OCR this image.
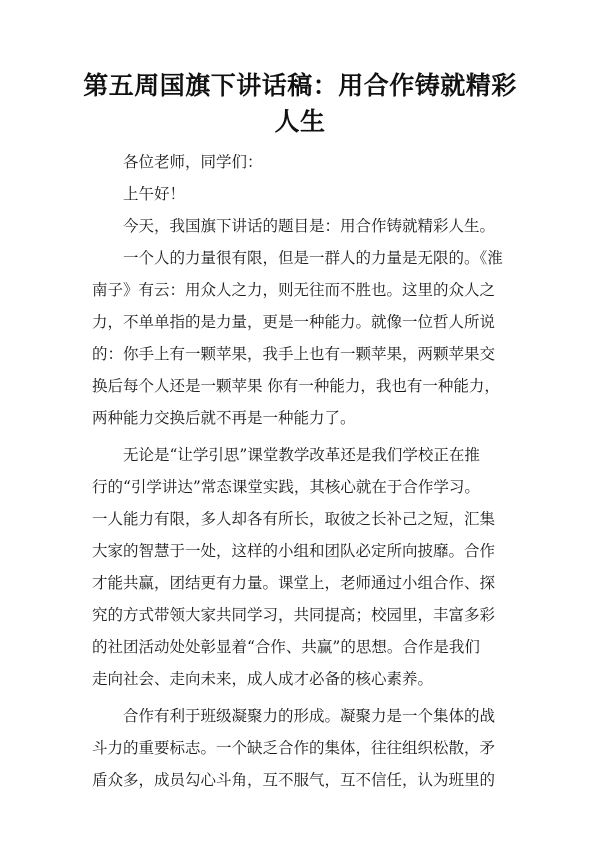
第五周国旗下讲话稿：用合作铸就精彩
人生
各位老师，同学们：
上午好！
今天，我国旗下讲话的题目是：用合作铸就精彩人生。
一个人的力量很有限，但是一群人的力量是无限的。《淮
南子》有云：用众人之力，则无往而不胜也。这里的众人之
力，不单单指的是力量，更是一种能力。就像一位哲人所说
的：你手上有一颗苹果，我手上也有一颗苹果，两颗苹果交
换后每个人还是一颗苹果 你有一种能力，我也有一种能力，
两种能力交换后就不再是一种能力了。
无论是“让学引思”课堂教学改革还是我们学校正在推
行的“引学讲达”常态课堂实践，其核心就在于合作学习。
一人能力有限，多人却各有所长，取彼之长补己之短，汇集
大家的智慧于一处，这样的小组和团队必定所向披靡。合作
才能共赢，团结更有力量。课堂上，老师通过小组合作、探
究的方式带领大家共同学习，共同提高；校园里，丰富多彩
的社团活动处处彰显着“合作、共赢”的思想。合作是我们
走向社会、走向未来，成人成才必备的核心素养。
合作有利于班级凝聚力的形成。凝聚力是一个集体的战
斗力的重要标志。一个缺乏合作的集体，往往组织松散，矛
盾众多，成员勾心斗角，互不服气，互不信任，认为班里的
